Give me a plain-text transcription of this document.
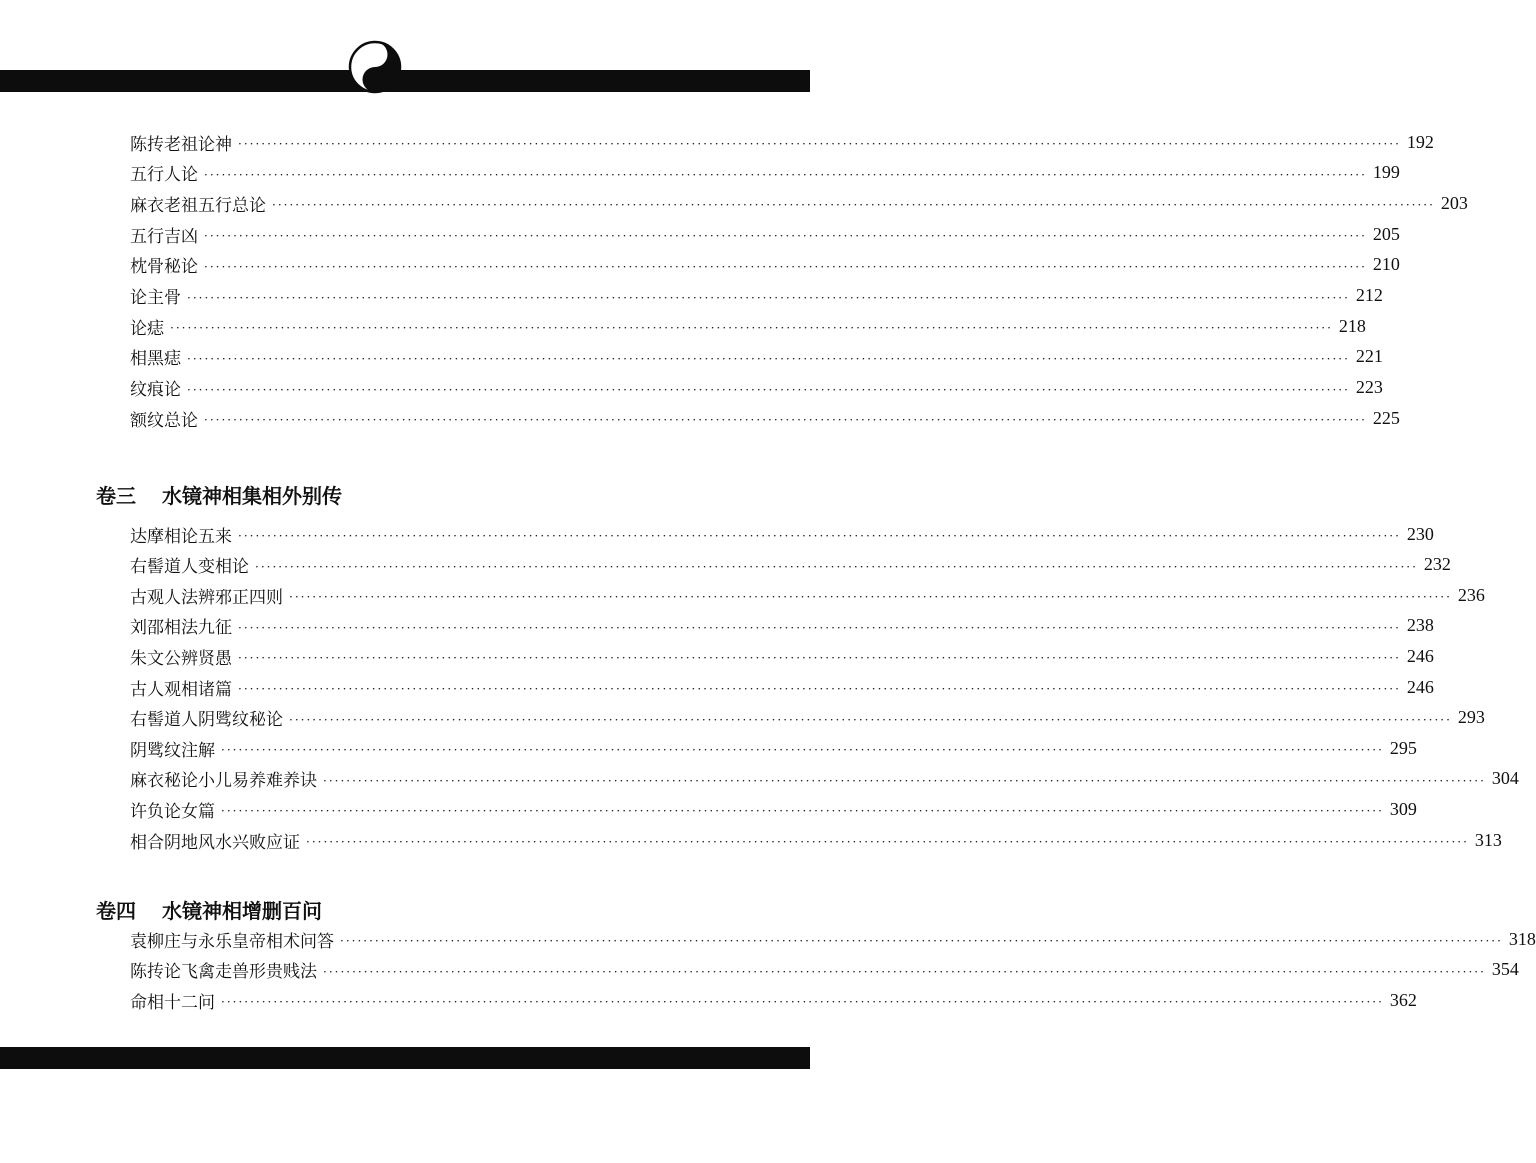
陈抟老祖论神 ········································································································································································································ 192
五行人论 ········································································································································································································ 199
麻衣老祖五行总论 ········································································································································································································ 203
五行吉凶 ········································································································································································································ 205
枕骨秘论 ········································································································································································································ 210
论主骨 ········································································································································································································ 212
论痣 ········································································································································································································ 218
相黑痣 ········································································································································································································ 221
纹痕论 ········································································································································································································ 223
额纹总论 ········································································································································································································ 225
卷三 水镜神相集相外别传
达摩相论五来 ········································································································································································································ 230
右髻道人变相论 ········································································································································································································ 232
古观人法辨邪正四则 ········································································································································································································ 236
刘邵相法九征 ········································································································································································································ 238
朱文公辨贤愚 ········································································································································································································ 246
古人观相诸篇 ········································································································································································································ 246
右髻道人阴骘纹秘论 ········································································································································································································ 293
阴骘纹注解 ········································································································································································································ 295
麻衣秘论小儿易养难养诀 ········································································································································································································ 304
许负论女篇 ········································································································································································································ 309
相合阴地风水兴败应证 ········································································································································································································ 313
卷四 水镜神相增删百问
袁柳庄与永乐皇帝相术问答 ········································································································································································································ 318
陈抟论飞禽走兽形贵贱法 ········································································································································································································ 354
命相十二问 ········································································································································································································ 362
